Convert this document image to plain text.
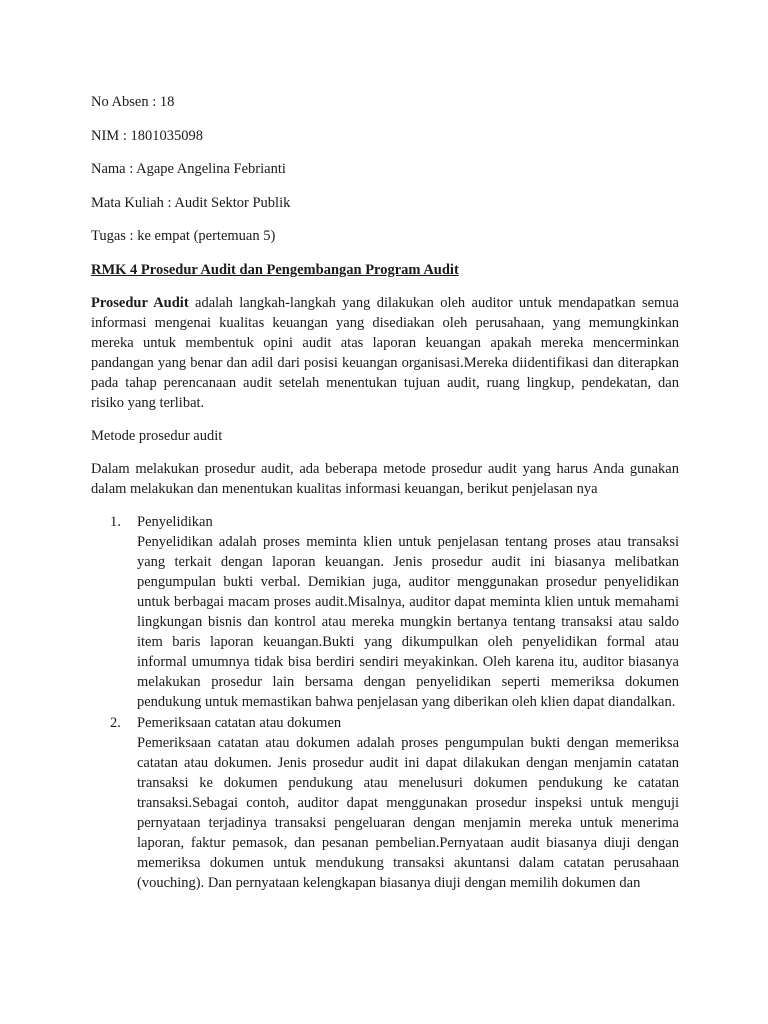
No Absen : 18
NIM : 1801035098
Nama : Agape Angelina Febrianti
Mata Kuliah : Audit Sektor Publik
Tugas : ke empat (pertemuan 5)
RMK 4 Prosedur Audit dan Pengembangan Program Audit

Prosedur Audit adalah langkah-langkah yang dilakukan oleh auditor untuk mendapatkan semua informasi mengenai kualitas keuangan yang disediakan oleh perusahaan, yang memungkinkan mereka untuk membentuk opini audit atas laporan keuangan apakah mereka mencerminkan pandangan yang benar dan adil dari posisi keuangan organisasi.Mereka diidentifikasi dan diterapkan pada tahap perencanaan audit setelah menentukan tujuan audit, ruang lingkup, pendekatan, dan risiko yang terlibat.

Metode prosedur audit

Dalam melakukan prosedur audit, ada beberapa metode prosedur audit yang harus Anda gunakan dalam melakukan dan menentukan kualitas informasi keuangan, berikut penjelasan nya

1. Penyelidikan
Penyelidikan adalah proses meminta klien untuk penjelasan tentang proses atau transaksi yang terkait dengan laporan keuangan. Jenis prosedur audit ini biasanya melibatkan pengumpulan bukti verbal. Demikian juga, auditor menggunakan prosedur penyelidikan untuk berbagai macam proses audit.Misalnya, auditor dapat meminta klien untuk memahami lingkungan bisnis dan kontrol atau mereka mungkin bertanya tentang transaksi atau saldo item baris laporan keuangan.Bukti yang dikumpulkan oleh penyelidikan formal atau informal umumnya tidak bisa berdiri sendiri meyakinkan. Oleh karena itu, auditor biasanya melakukan prosedur lain bersama dengan penyelidikan seperti memeriksa dokumen pendukung untuk memastikan bahwa penjelasan yang diberikan oleh klien dapat diandalkan.
2. Pemeriksaan catatan atau dokumen
Pemeriksaan catatan atau dokumen adalah proses pengumpulan bukti dengan memeriksa catatan atau dokumen. Jenis prosedur audit ini dapat dilakukan dengan menjamin catatan transaksi ke dokumen pendukung atau menelusuri dokumen pendukung ke catatan transaksi.Sebagai contoh, auditor dapat menggunakan prosedur inspeksi untuk menguji pernyataan terjadinya transaksi pengeluaran dengan menjamin mereka untuk menerima laporan, faktur pemasok, dan pesanan pembelian.Pernyataan audit biasanya diuji dengan memeriksa dokumen untuk mendukung transaksi akuntansi dalam catatan perusahaan (vouching). Dan pernyataan kelengkapan biasanya diuji dengan memilih dokumen dan
